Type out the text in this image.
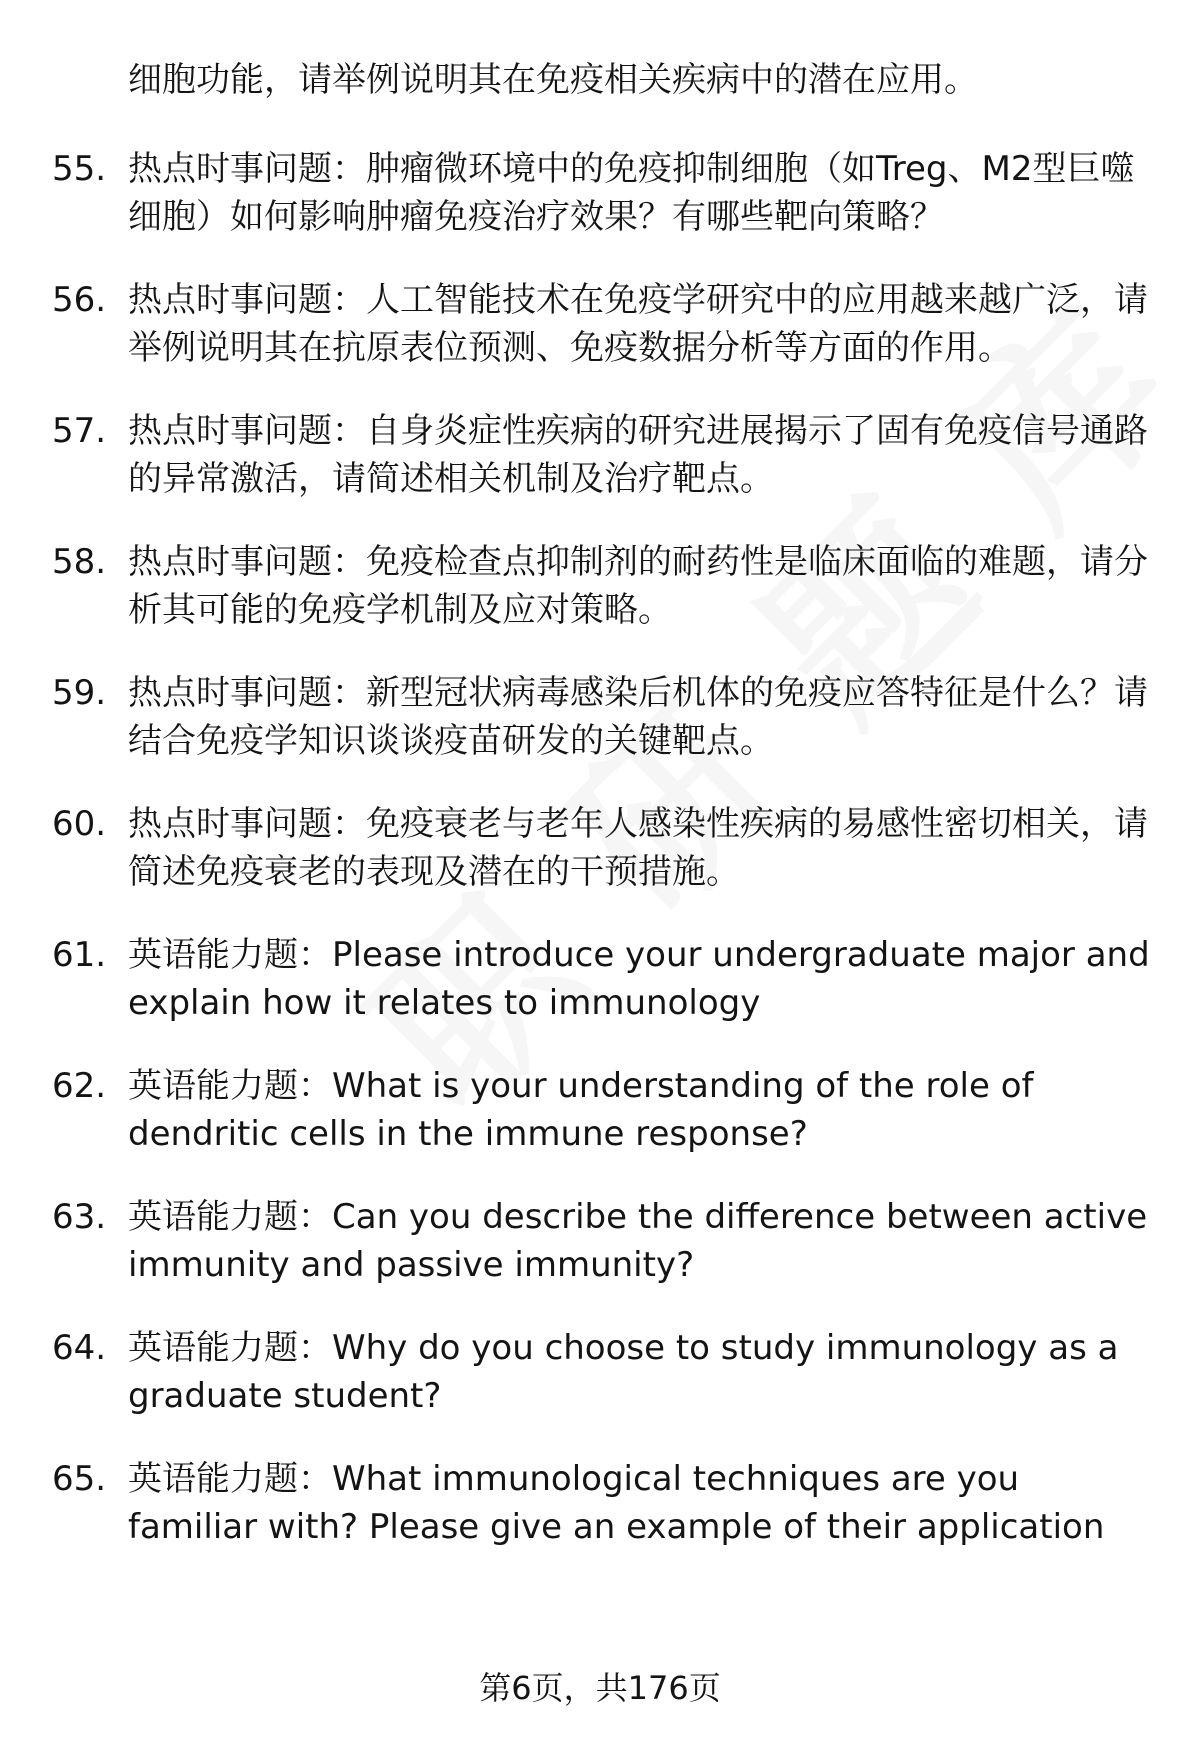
细胞功能，请举例说明其在免疫相关疾病中的潜在应用。
55. 热点时事问题：肿瘤微环境中的免疫抑制细胞（如Treg、M2型巨噬细胞）如何影响肿瘤免疫治疗效果？有哪些靶向策略？
56. 热点时事问题：人工智能技术在免疫学研究中的应用越来越广泛，请举例说明其在抗原表位预测、免疫数据分析等方面的作用。
57. 热点时事问题：自身炎症性疾病的研究进展揭示了固有免疫信号通路的异常激活，请简述相关机制及治疗靶点。
58. 热点时事问题：免疫检查点抑制剂的耐药性是临床面临的难题，请分析其可能的免疫学机制及应对策略。
59. 热点时事问题：新型冠状病毒感染后机体的免疫应答特征是什么？请结合免疫学知识谈谈疫苗研发的关键靶点。
60. 热点时事问题：免疫衰老与老年人感染性疾病的易感性密切相关，请简述免疫衰老的表现及潜在的干预措施。
61. 英语能力题：Please introduce your undergraduate major and explain how it relates to immunology
62. 英语能力题：What is your understanding of the role of dendritic cells in the immune response?
63. 英语能力题：Can you describe the difference between active immunity and passive immunity?
64. 英语能力题：Why do you choose to study immunology as a graduate student?
65. 英语能力题：What immunological techniques are you familiar with? Please give an example of their application
第6页，共176页
